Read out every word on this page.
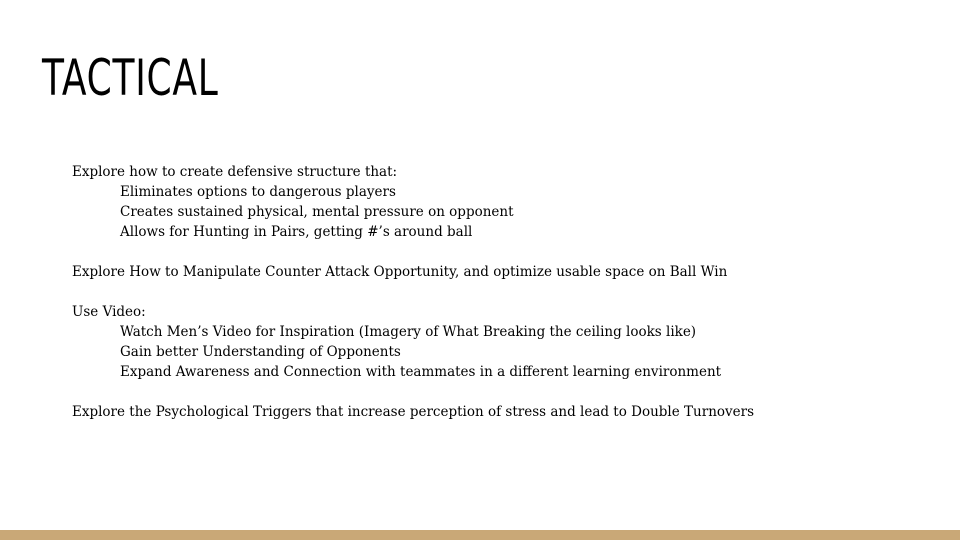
TACTICAL
Explore how to create defensive structure that:
Eliminates options to dangerous players
Creates sustained physical, mental pressure on opponent
Allows for Hunting in Pairs, getting #’s around ball
Explore How to Manipulate Counter Attack Opportunity, and optimize usable space on Ball Win
Use Video:
Watch Men’s Video for Inspiration (Imagery of What Breaking the ceiling looks like)
Gain better Understanding of Opponents
Expand Awareness and Connection with teammates in a different learning environment
Explore the Psychological Triggers that increase perception of stress and lead to Double Turnovers
